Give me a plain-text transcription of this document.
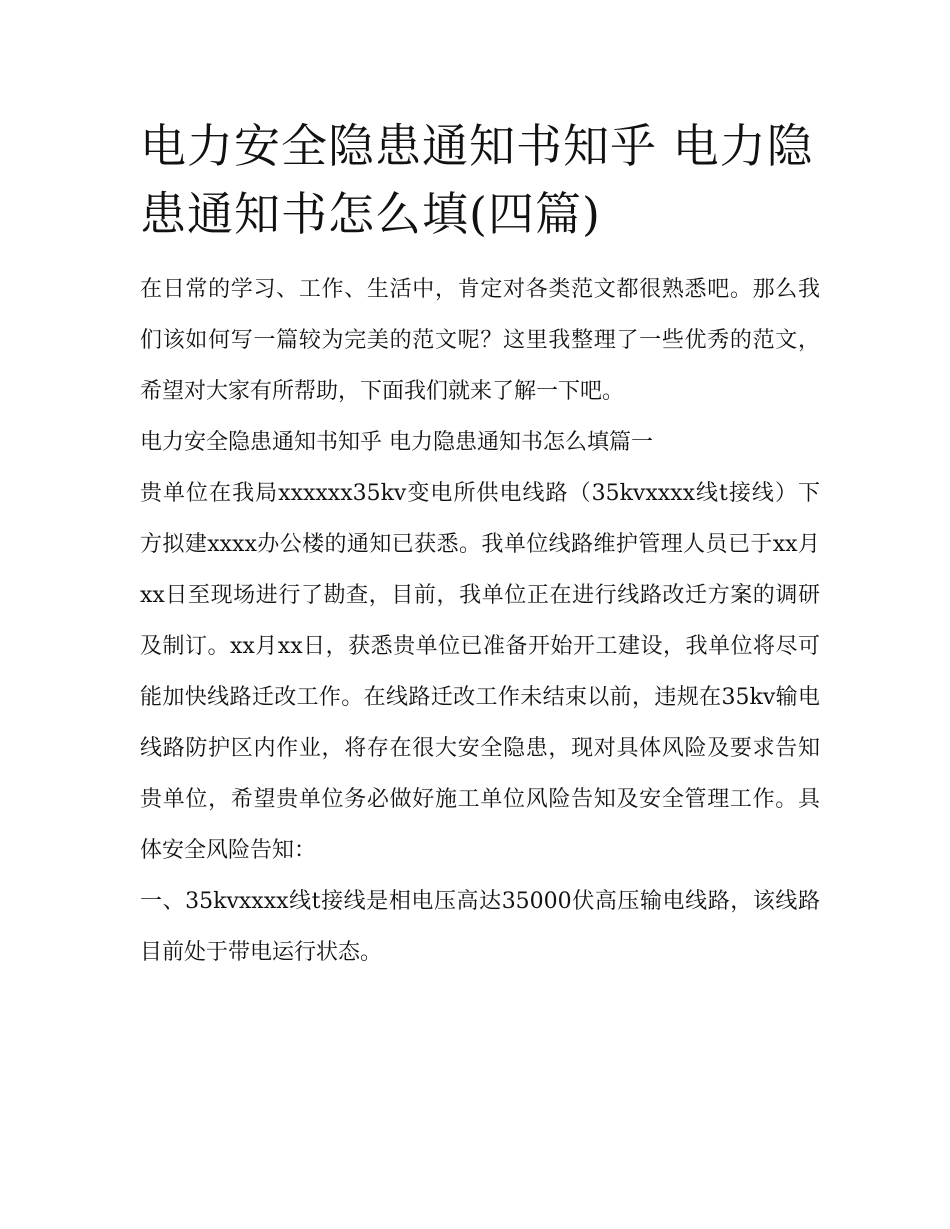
电力安全隐患通知书知乎 电力隐患通知书怎么填(四篇)

在日常的学习、工作、生活中，肯定对各类范文都很熟悉吧。那么我们该如何写一篇较为完美的范文呢？这里我整理了一些优秀的范文，希望对大家有所帮助，下面我们就来了解一下吧。

电力安全隐患通知书知乎 电力隐患通知书怎么填篇一

贵单位在我局xxxxxx35kv变电所供电线路（35kvxxxx线t接线）下方拟建xxxx办公楼的通知已获悉。我单位线路维护管理人员已于xx月xx日至现场进行了勘查，目前，我单位正在进行线路改迁方案的调研及制订。xx月xx日，获悉贵单位已准备开始开工建设，我单位将尽可能加快线路迁改工作。在线路迁改工作未结束以前，违规在35kv输电线路防护区内作业，将存在很大安全隐患，现对具体风险及要求告知贵单位，希望贵单位务必做好施工单位风险告知及安全管理工作。具体安全风险告知：

一、35kvxxxx线t接线是相电压高达35000伏高压输电线路，该线路目前处于带电运行状态。
